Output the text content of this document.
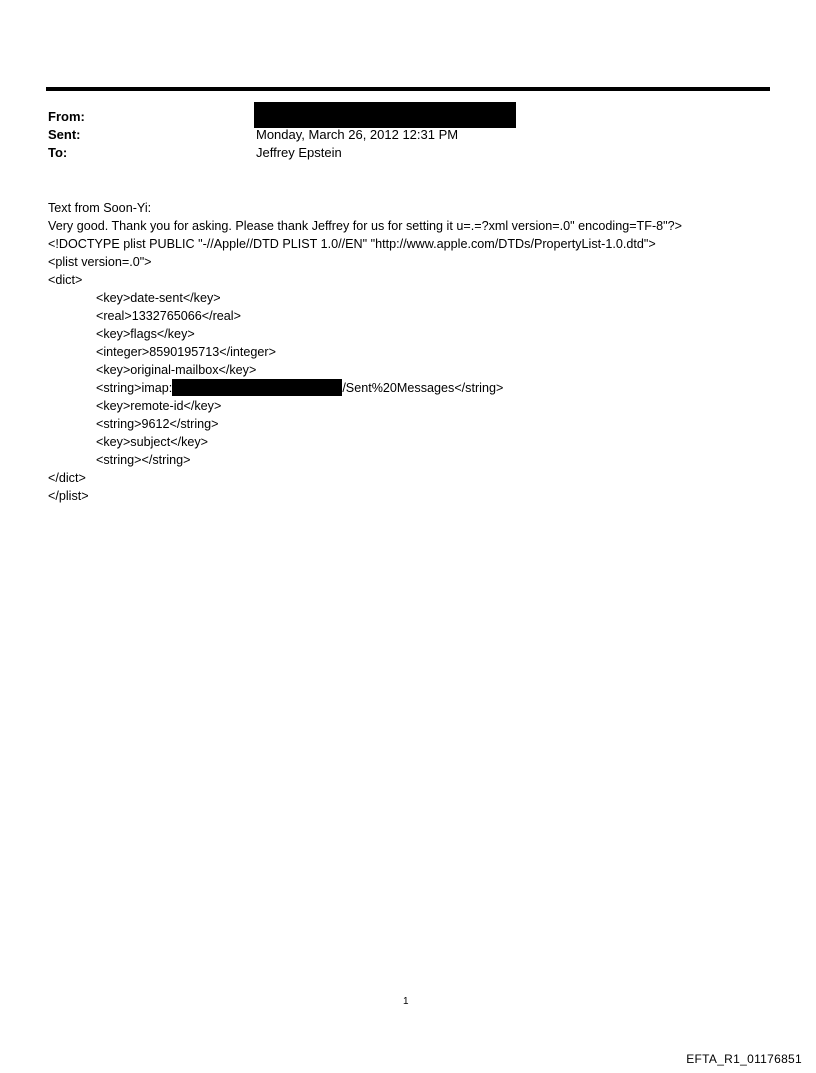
From:
Sent:	Monday, March 26, 2012 12:31 PM
To:	Jeffrey Epstein
Text from Soon-Yi:
Very good. Thank you for asking. Please thank Jeffrey for us for setting it u=.=?xml version=.0" encoding=TF-8"?>
<!DOCTYPE plist PUBLIC "-//Apple//DTD PLIST 1.0//EN" "http://www.apple.com/DTDs/PropertyList-1.0.dtd">
<plist version=.0">
<dict>
<key>date-sent</key>
<real>1332765066</real>
<key>flags</key>
<integer>8590195713</integer>
<key>original-mailbox</key>
<string>imap:	/Sent%20Messages</string>
<key>remote-id</key>
<string>9612</string>
<key>subject</key>
<string></string>
</dict>
</plist>
1
EFTA_R1_01176851
